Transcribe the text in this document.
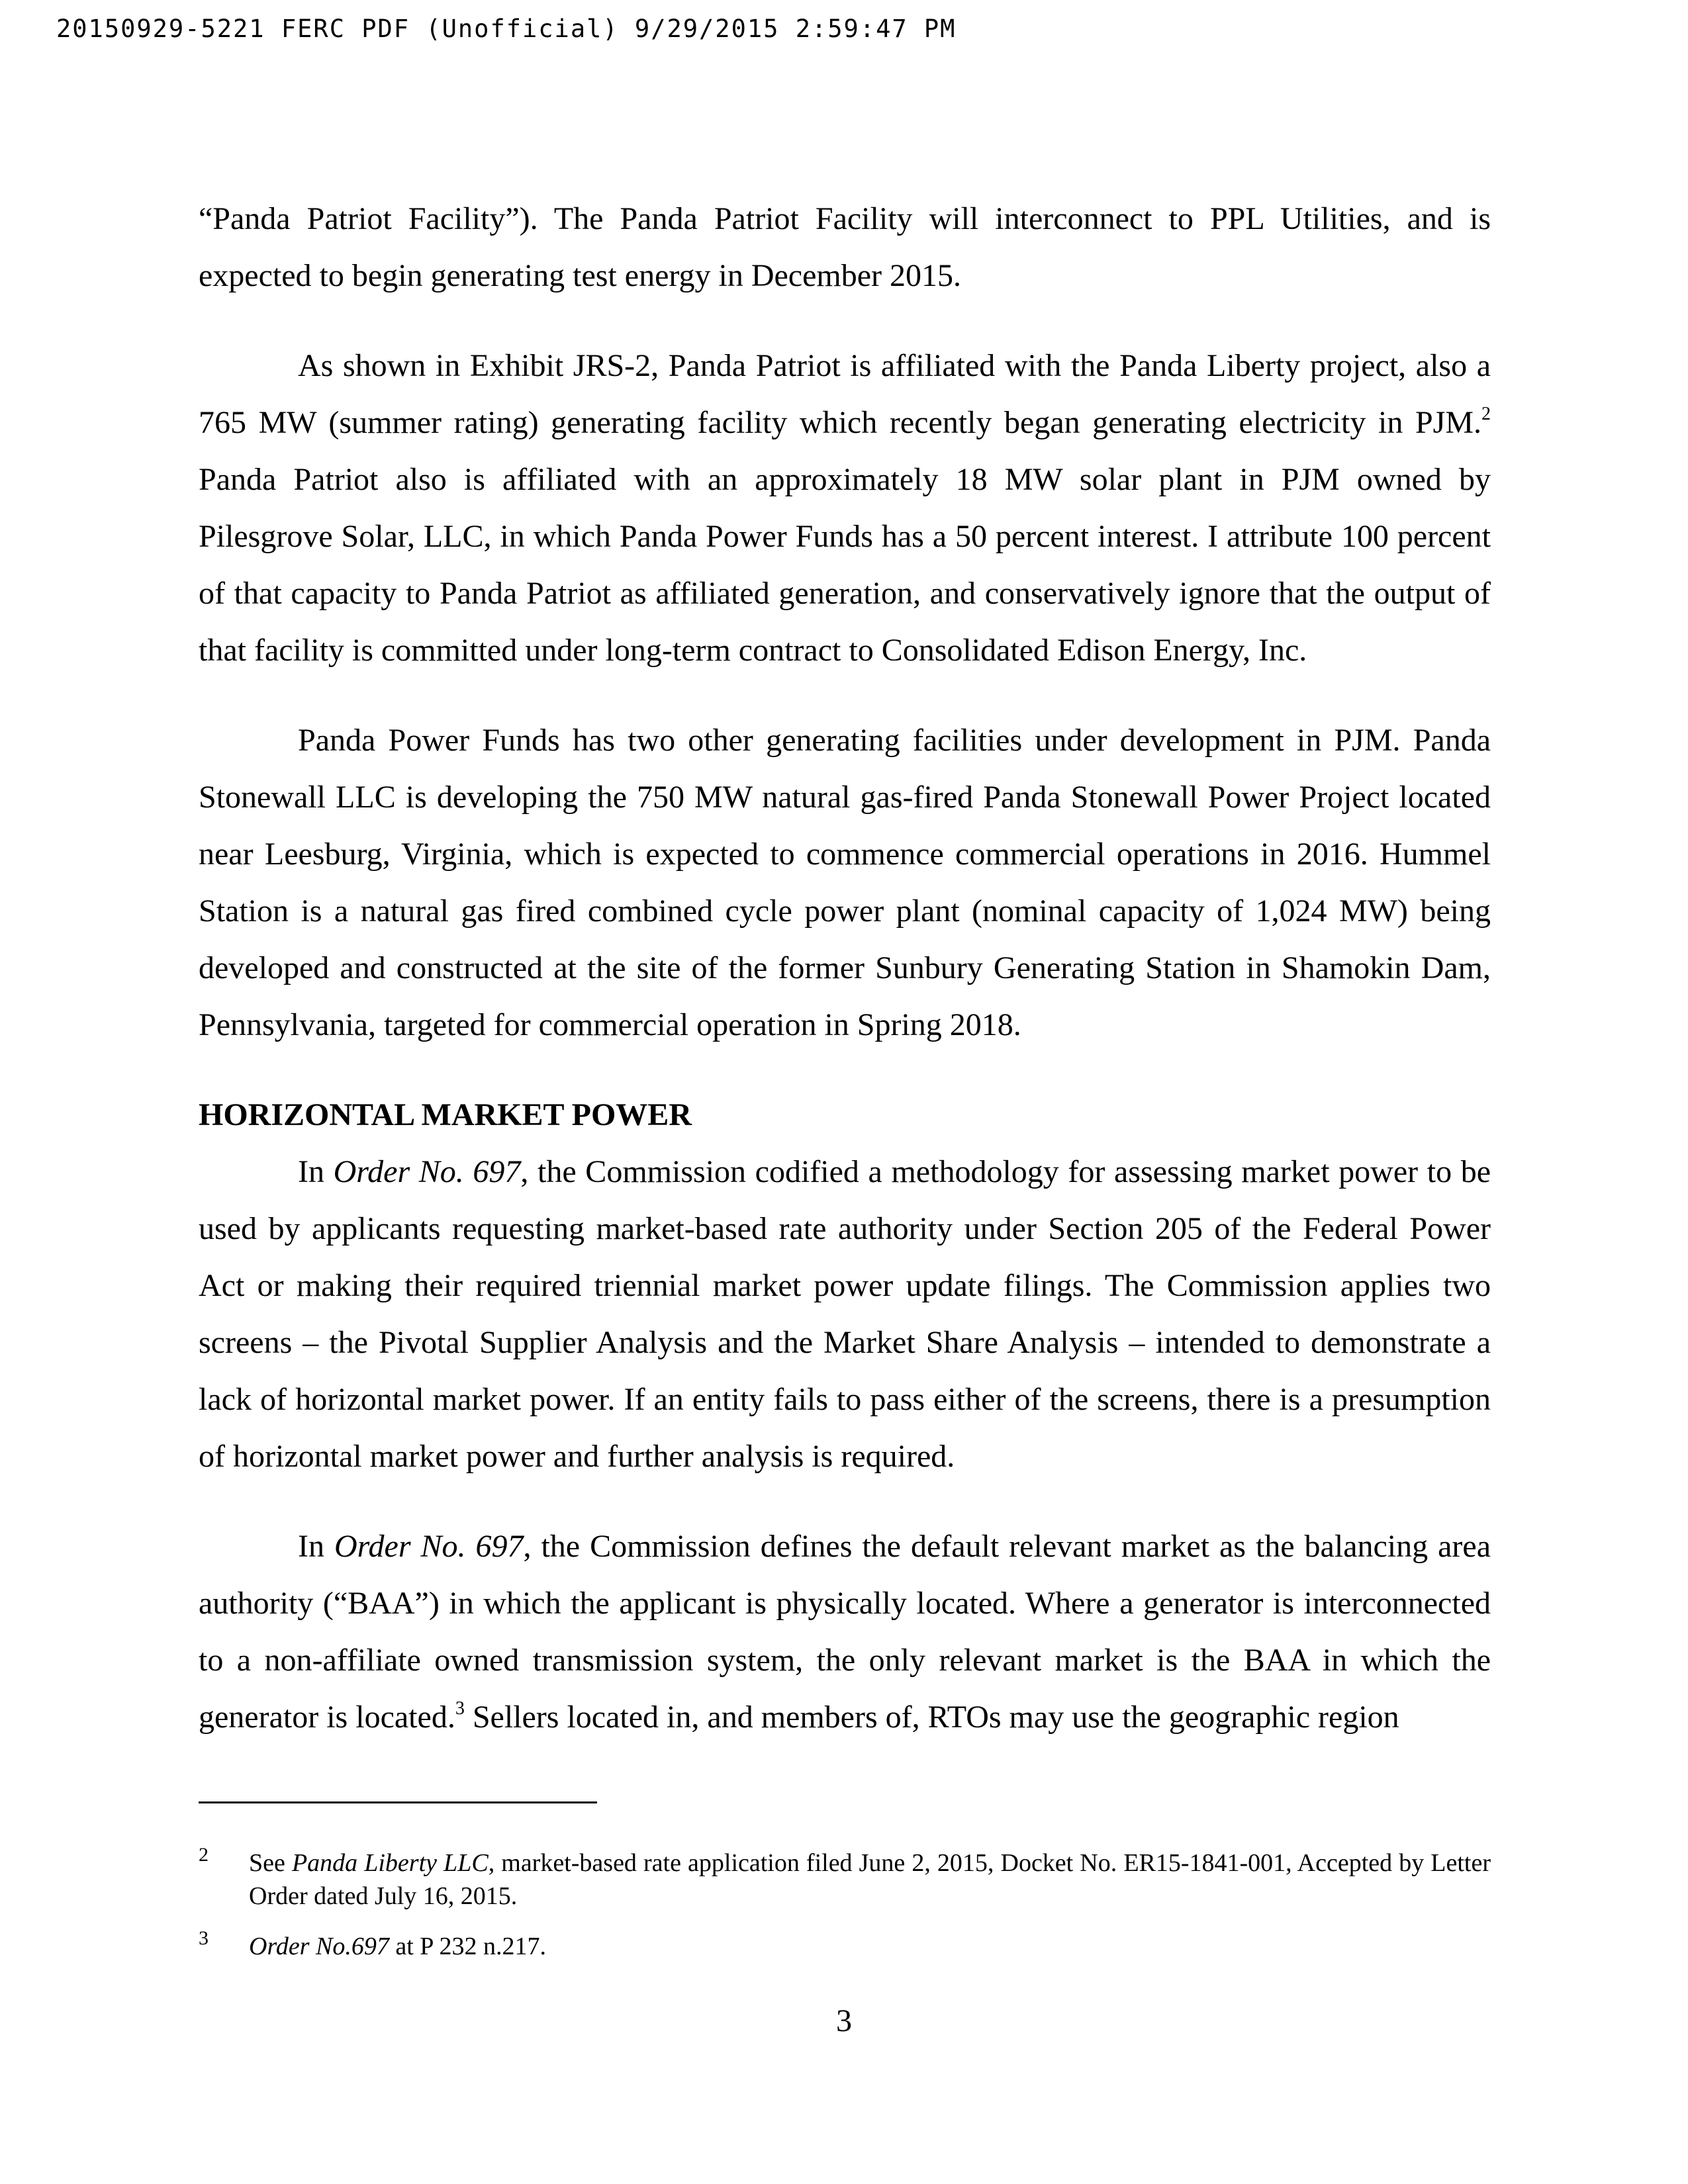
20150929-5221 FERC PDF (Unofficial) 9/29/2015 2:59:47 PM

“Panda Patriot Facility”). The Panda Patriot Facility will interconnect to PPL Utilities, and is expected to begin generating test energy in December 2015.

As shown in Exhibit JRS-2, Panda Patriot is affiliated with the Panda Liberty project, also a 765 MW (summer rating) generating facility which recently began generating electricity in PJM.$^2$ Panda Patriot also is affiliated with an approximately 18 MW solar plant in PJM owned by Pilesgrove Solar, LLC, in which Panda Power Funds has a 50 percent interest. I attribute 100 percent of that capacity to Panda Patriot as affiliated generation, and conservatively ignore that the output of that facility is committed under long-term contract to Consolidated Edison Energy, Inc.

Panda Power Funds has two other generating facilities under development in PJM. Panda Stonewall LLC is developing the 750 MW natural gas-fired Panda Stonewall Power Project located near Leesburg, Virginia, which is expected to commence commercial operations in 2016. Hummel Station is a natural gas fired combined cycle power plant (nominal capacity of 1,024 MW) being developed and constructed at the site of the former Sunbury Generating Station in Shamokin Dam, Pennsylvania, targeted for commercial operation in Spring 2018.

HORIZONTAL MARKET POWER

In Order No. 697, the Commission codified a methodology for assessing market power to be used by applicants requesting market-based rate authority under Section 205 of the Federal Power Act or making their required triennial market power update filings. The Commission applies two screens – the Pivotal Supplier Analysis and the Market Share Analysis – intended to demonstrate a lack of horizontal market power. If an entity fails to pass either of the screens, there is a presumption of horizontal market power and further analysis is required.

In Order No. 697, the Commission defines the default relevant market as the balancing area authority (“BAA”) in which the applicant is physically located. Where a generator is interconnected to a non-affiliate owned transmission system, the only relevant market is the BAA in which the generator is located.$^3$ Sellers located in, and members of, RTOs may use the geographic region

2 See Panda Liberty LLC, market-based rate application filed June 2, 2015, Docket No. ER15-1841-001, Accepted by Letter Order dated July 16, 2015.
3 Order No.697 at P 232 n.217.
3
